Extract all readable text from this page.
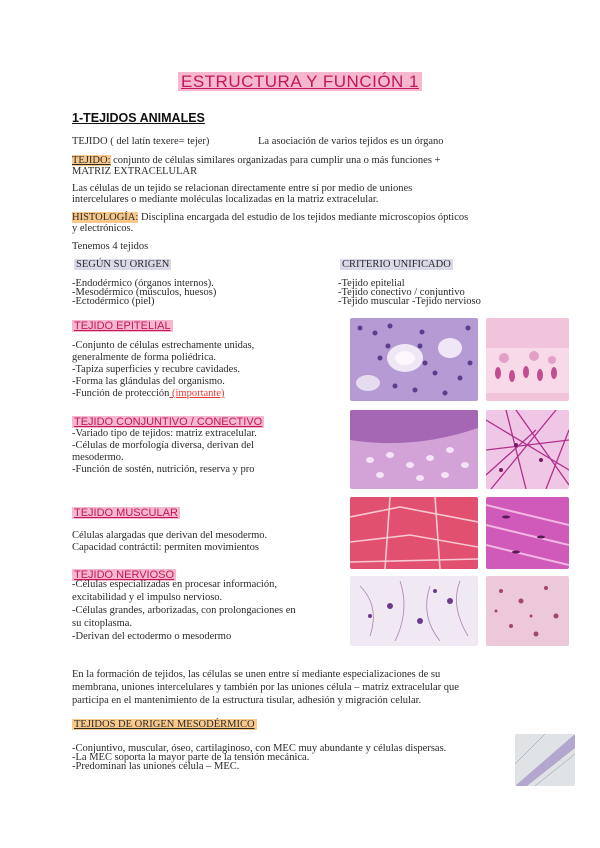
ESTRUCTURA Y FUNCIÓN 1
1-TEJIDOS ANIMALES
TEJIDO ( del latín texere= tejer)	La asociación de varios tejidos es un órgano
TEJIDO: conjunto de células similares organizadas para cumplir una o más funciones +
MATRIZ EXTRACELULAR
Las células de un tejido se relacionan directamente entre sí por medio de uniones
intercelulares o mediante moléculas localizadas en la matriz extracelular.
HISTOLOGÍA: Disciplina encargada del estudio de los tejidos mediante microscopios ópticos
y electrónicos.
Tenemos 4 tejidos
SEGÚN SU ORIGEN	CRITERIO UNIFICADO
-Endodérmico (órganos internos).
-Mesodérmico (músculos, huesos)
-Ectodérmico (piel)
-Tejido epitelial
-Tejido conectivo / conjuntivo
-Tejido muscular -Tejido nervioso
TEJIDO EPITELIAL
-Conjunto de células estrechamente unidas,
generalmente de forma poliédrica.
-Tapiza superficies y recubre cavidades.
-Forma las glándulas del organismo.
-Función de protección (importante)
TEJIDO CONJUNTIVO / CONECTIVO
-Variado tipo de tejidos: matriz extracelular.
-Células de morfología diversa, derivan del
mesodermo.
-Función de sostén, nutrición, reserva y pro
TEJIDO MUSCULAR
Células alargadas que derivan del mesodermo.
Capacidad contráctil: permiten movimientos
TEJIDO NERVIOSO
-Células especializadas en procesar información,
excitabilidad y el impulso nervioso.
-Células grandes, arborizadas, con prolongaciones en
su citoplasma.
-Derivan del ectodermo o mesodermo
En la formación de tejidos, las células se unen entre sí mediante especializaciones de su
membrana, uniones intercelulares y también por las uniones célula – matriz extracelular que
participa en el mantenimiento de la estructura tisular, adhesión y migración celular.
TEJIDOS DE ORIGEN MESODÉRMICO
-Conjuntivo, muscular, óseo, cartilaginoso, con MEC muy abundante y células dispersas.
-La MEC soporta la mayor parte de la tensión mecánica.
-Predominan las uniones célula – MEC.
